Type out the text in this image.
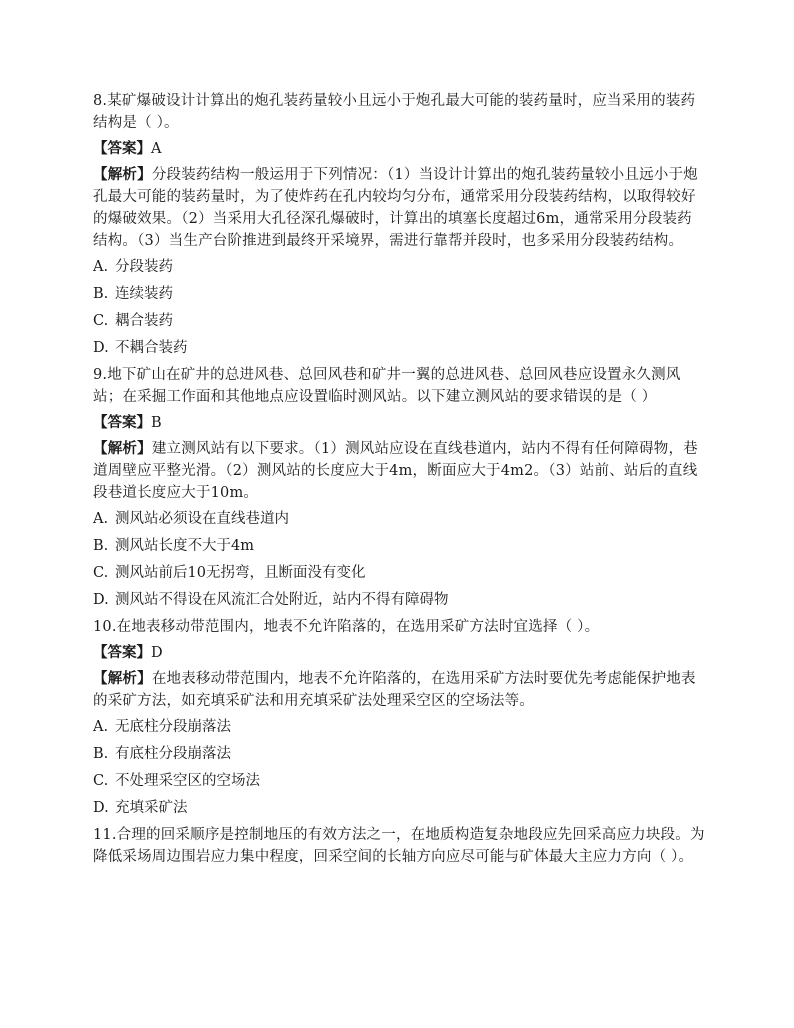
8.某矿爆破设计计算出的炮孔装药量较小且远小于炮孔最大可能的装药量时，应当采用的装药结构是（ ）。

【答案】A

【解析】分段装药结构一般运用于下列情况：（1）当设计计算出的炮孔装药量较小且远小于炮孔最大可能的装药量时，为了使炸药在孔内较均匀分布，通常采用分段装药结构，以取得较好的爆破效果。（2）当采用大孔径深孔爆破时，计算出的填塞长度超过6m，通常采用分段装药结构。（3）当生产台阶推进到最终开采境界，需进行靠帮并段时，也多采用分段装药结构。

A. 分段装药

B. 连续装药

C. 耦合装药

D. 不耦合装药

9.地下矿山在矿井的总进风巷、总回风巷和矿井一翼的总进风巷、总回风巷应设置永久测风站；在采掘工作面和其他地点应设置临时测风站。以下建立测风站的要求错误的是（ ）

【答案】B

【解析】建立测风站有以下要求。（1）测风站应设在直线巷道内，站内不得有任何障碍物，巷道周壁应平整光滑。（2）测风站的长度应大于4m，断面应大于4m2。（3）站前、站后的直线段巷道长度应大于10m。

A. 测风站必须设在直线巷道内

B. 测风站长度不大于4m

C. 测风站前后10无拐弯，且断面没有变化

D. 测风站不得设在风流汇合处附近，站内不得有障碍物

10.在地表移动带范围内，地表不允许陷落的，在选用采矿方法时宜选择（ ）。

【答案】D

【解析】在地表移动带范围内，地表不允许陷落的，在选用采矿方法时要优先考虑能保护地表的采矿方法，如充填采矿法和用充填采矿法处理采空区的空场法等。

A. 无底柱分段崩落法

B. 有底柱分段崩落法

C. 不处理采空区的空场法

D. 充填采矿法

11.合理的回采顺序是控制地压的有效方法之一，在地质构造复杂地段应先回采高应力块段。为降低采场周边围岩应力集中程度，回采空间的长轴方向应尽可能与矿体最大主应力方向（ ）。
